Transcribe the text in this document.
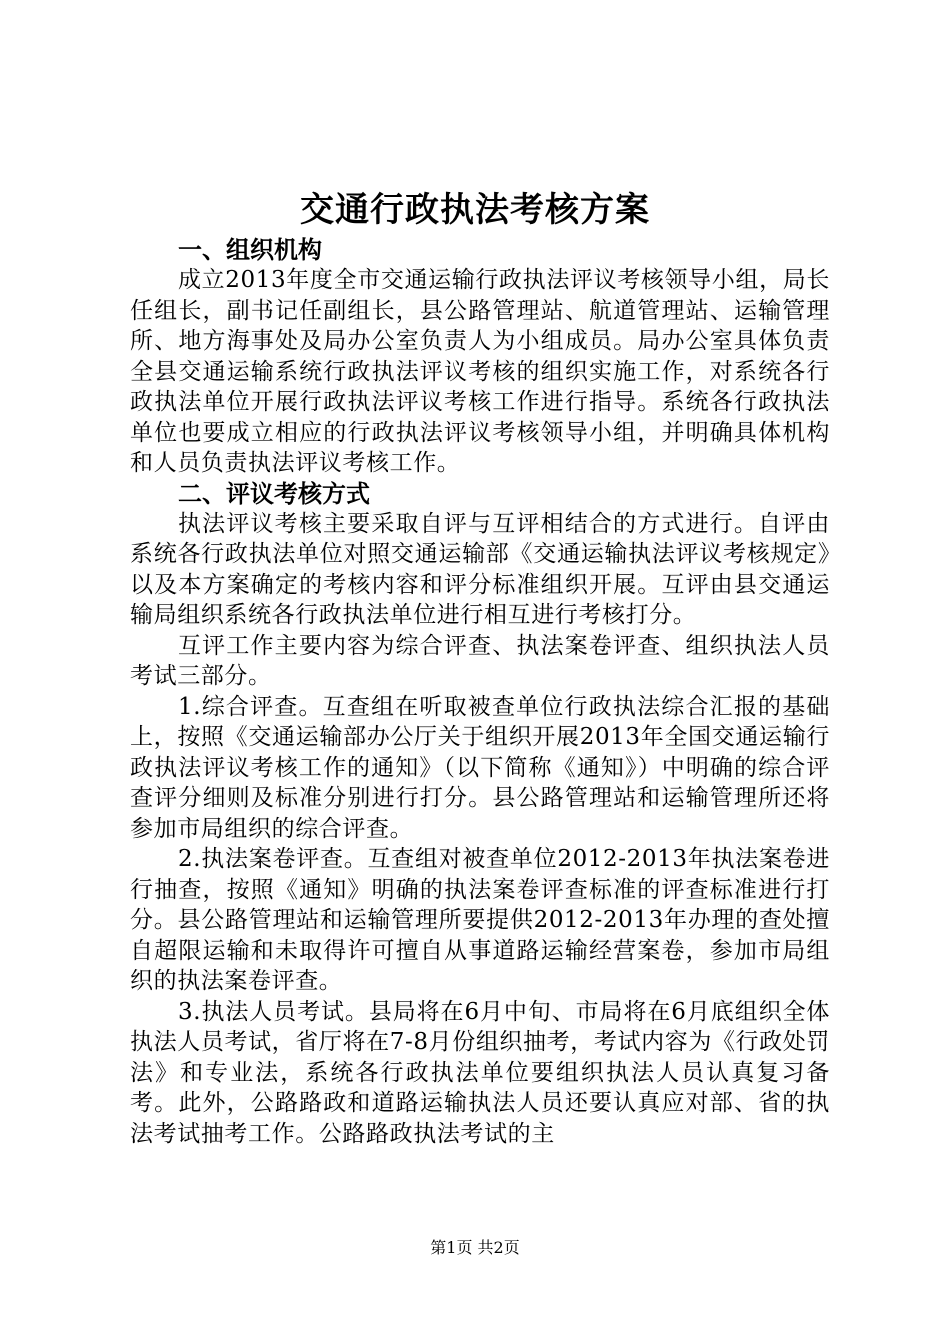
交通行政执法考核方案

一、组织机构

成立2013年度全市交通运输行政执法评议考核领导小组，局长任组长，副书记任副组长，县公路管理站、航道管理站、运输管理所、地方海事处及局办公室负责人为小组成员。局办公室具体负责全县交通运输系统行政执法评议考核的组织实施工作，对系统各行政执法单位开展行政执法评议考核工作进行指导。系统各行政执法单位也要成立相应的行政执法评议考核领导小组，并明确具体机构和人员负责执法评议考核工作。

二、评议考核方式

执法评议考核主要采取自评与互评相结合的方式进行。自评由系统各行政执法单位对照交通运输部《交通运输执法评议考核规定》以及本方案确定的考核内容和评分标准组织开展。互评由县交通运输局组织系统各行政执法单位进行相互进行考核打分。

互评工作主要内容为综合评查、执法案卷评查、组织执法人员考试三部分。

1.综合评查。互查组在听取被查单位行政执法综合汇报的基础上，按照《交通运输部办公厅关于组织开展2013年全国交通运输行政执法评议考核工作的通知》（以下简称《通知》）中明确的综合评查评分细则及标准分别进行打分。县公路管理站和运输管理所还将参加市局组织的综合评查。

2.执法案卷评查。互查组对被查单位2012-2013年执法案卷进行抽查，按照《通知》明确的执法案卷评查标准的评查标准进行打分。县公路管理站和运输管理所要提供2012-2013年办理的查处擅自超限运输和未取得许可擅自从事道路运输经营案卷，参加市局组织的执法案卷评查。

3.执法人员考试。县局将在6月中旬、市局将在6月底组织全体执法人员考试，省厅将在7-8月份组织抽考，考试内容为《行政处罚法》和专业法，系统各行政执法单位要组织执法人员认真复习备考。此外，公路路政和道路运输执法人员还要认真应对部、省的执法考试抽考工作。公路路政执法考试的主

第1页 共2页
